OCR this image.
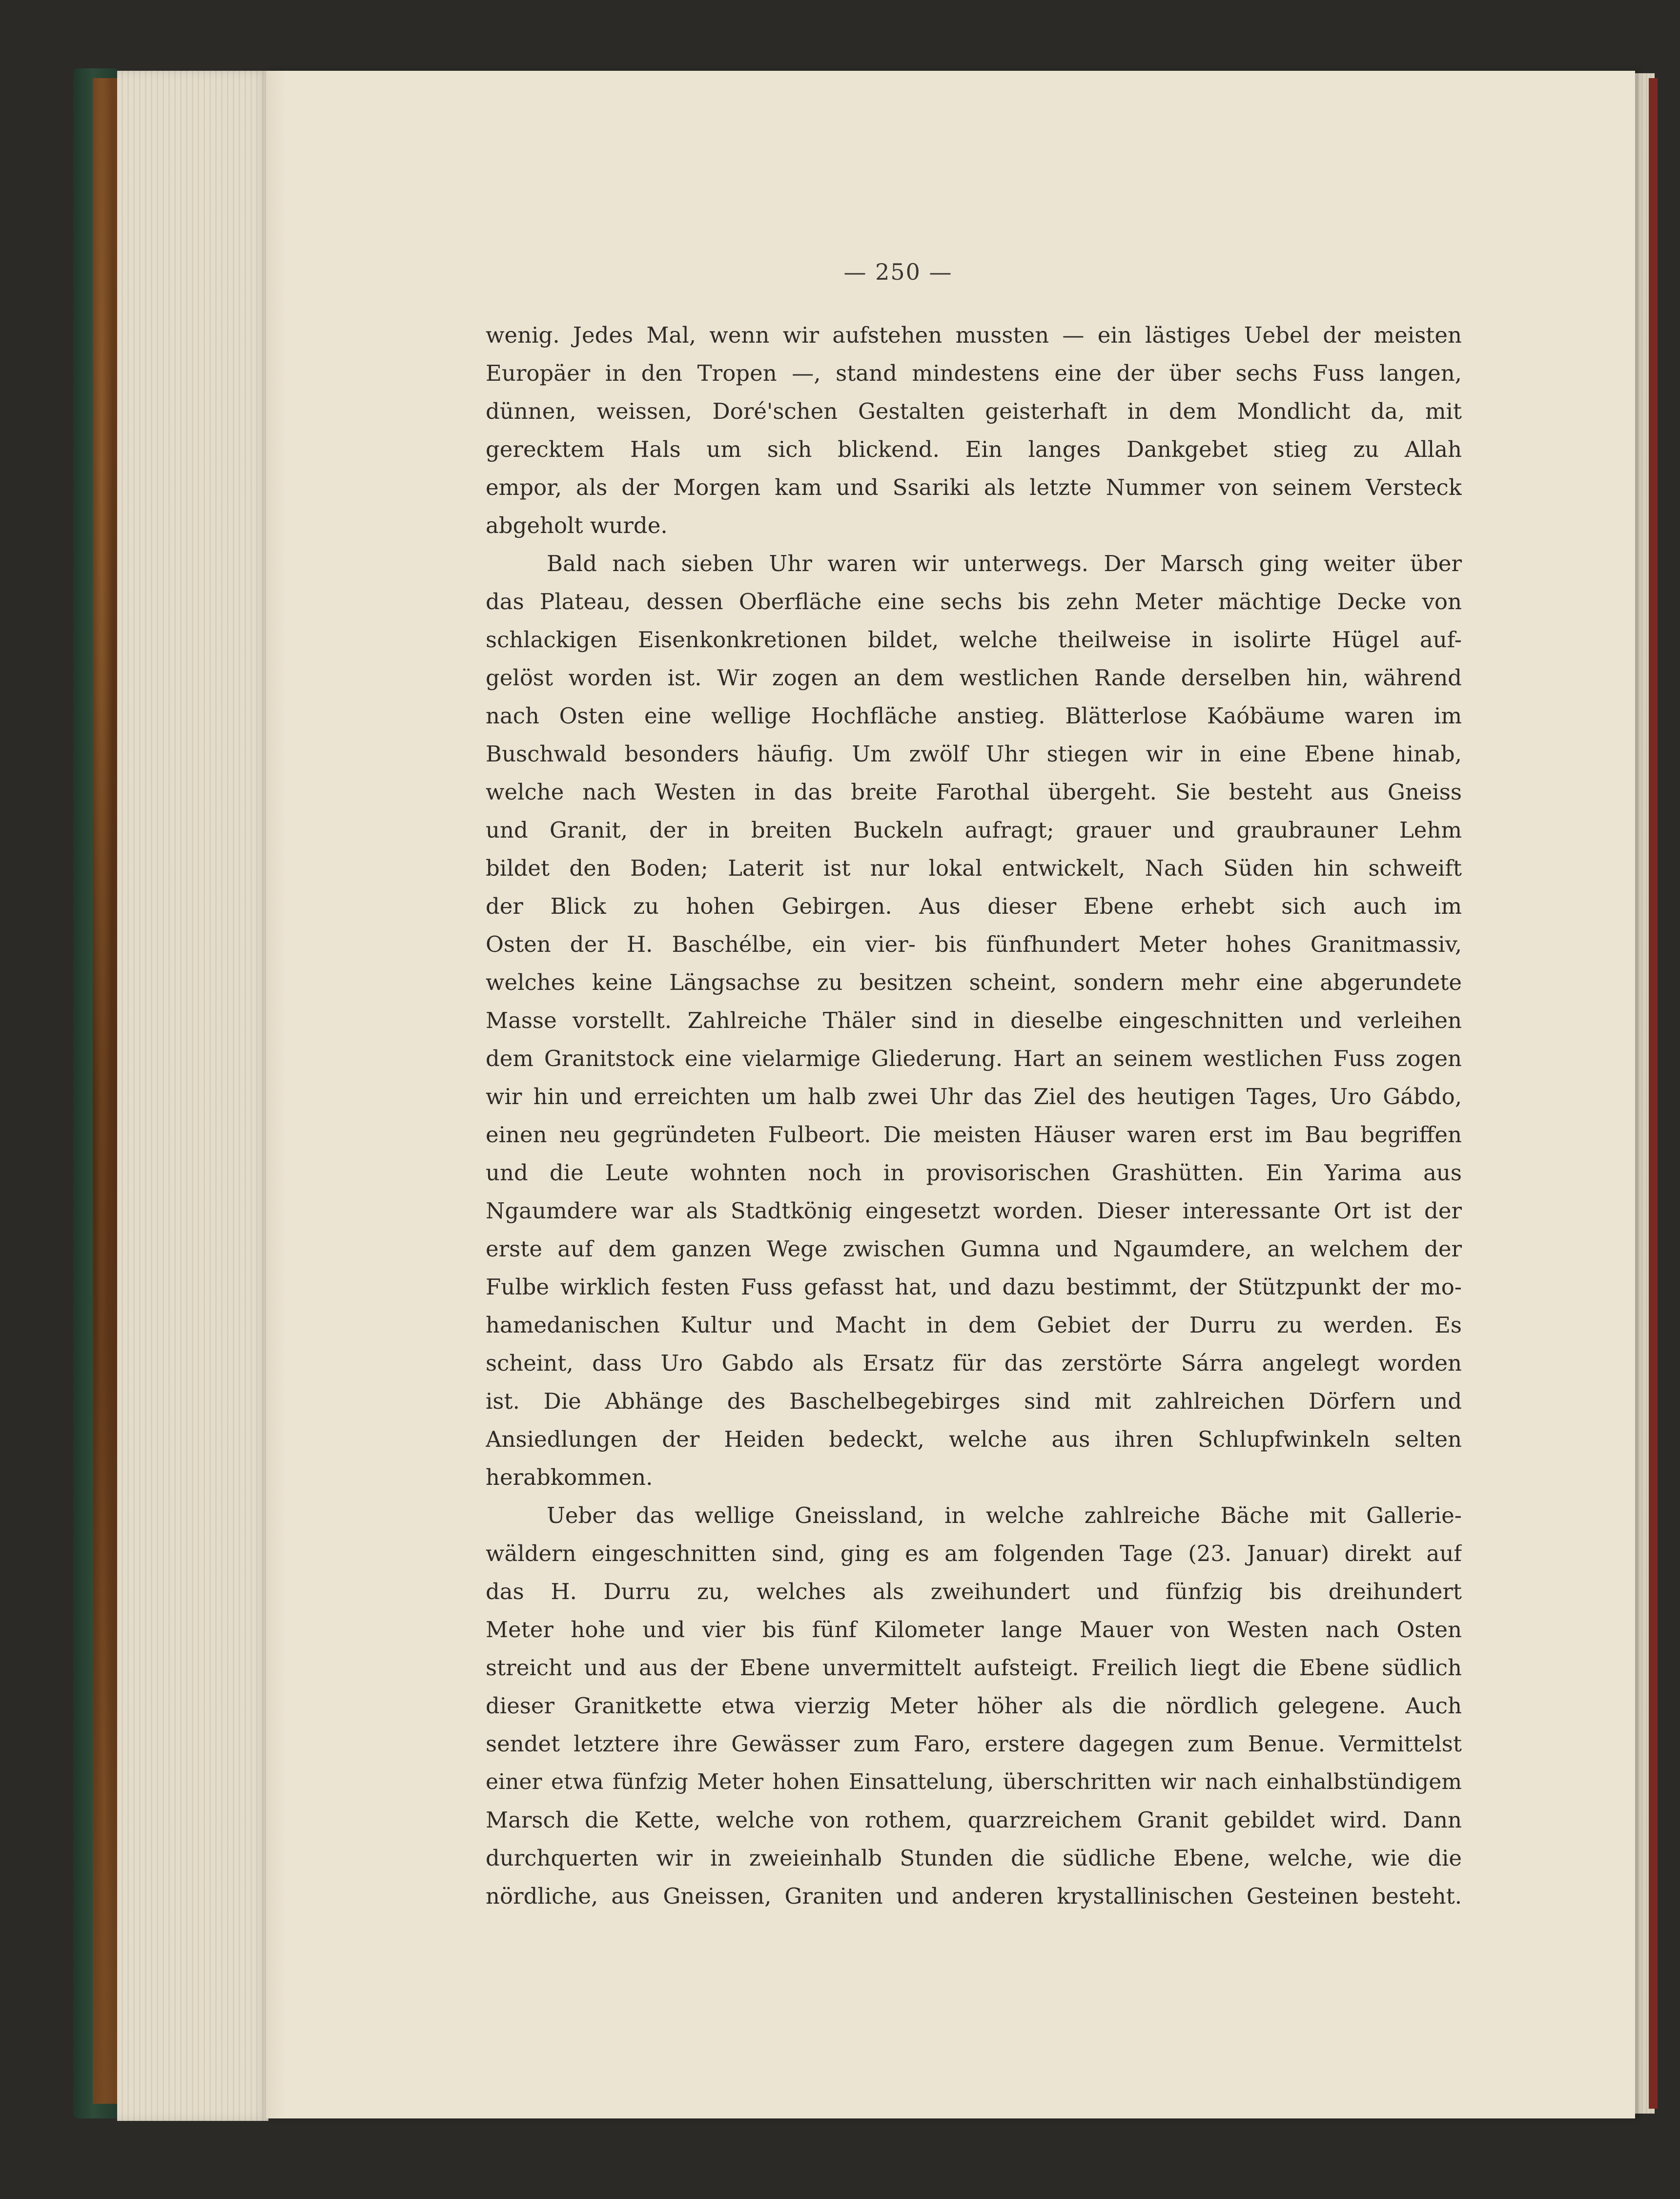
— 250 —
wenig. Jedes Mal, wenn wir aufstehen mussten — ein lästiges Uebel der meisten
Europäer in den Tropen —, stand mindestens eine der über sechs Fuss langen,
dünnen, weissen, Doré'schen Gestalten geisterhaft in dem Mondlicht da, mit
gerecktem Hals um sich blickend. Ein langes Dankgebet stieg zu Allah
empor, als der Morgen kam und Ssariki als letzte Nummer von seinem Versteck
abgeholt wurde.
Bald nach sieben Uhr waren wir unterwegs. Der Marsch ging weiter über
das Plateau, dessen Oberfläche eine sechs bis zehn Meter mächtige Decke von
schlackigen Eisenkonkretionen bildet, welche theilweise in isolirte Hügel auf-
gelöst worden ist. Wir zogen an dem westlichen Rande derselben hin, während
nach Osten eine wellige Hochfläche anstieg. Blätterlose Kaóbäume waren im
Buschwald besonders häufig. Um zwölf Uhr stiegen wir in eine Ebene hinab,
welche nach Westen in das breite Farothal übergeht. Sie besteht aus Gneiss
und Granit, der in breiten Buckeln aufragt; grauer und graubrauner Lehm
bildet den Boden; Laterit ist nur lokal entwickelt, Nach Süden hin schweift
der Blick zu hohen Gebirgen. Aus dieser Ebene erhebt sich auch im
Osten der H. Baschélbe, ein vier- bis fünfhundert Meter hohes Granitmassiv,
welches keine Längsachse zu besitzen scheint, sondern mehr eine abgerundete
Masse vorstellt. Zahlreiche Thäler sind in dieselbe eingeschnitten und verleihen
dem Granitstock eine vielarmige Gliederung. Hart an seinem westlichen Fuss zogen
wir hin und erreichten um halb zwei Uhr das Ziel des heutigen Tages, Uro Gábdo,
einen neu gegründeten Fulbeort. Die meisten Häuser waren erst im Bau begriffen
und die Leute wohnten noch in provisorischen Grashütten. Ein Yarima aus
Ngaumdere war als Stadtkönig eingesetzt worden. Dieser interessante Ort ist der
erste auf dem ganzen Wege zwischen Gumna und Ngaumdere, an welchem der
Fulbe wirklich festen Fuss gefasst hat, und dazu bestimmt, der Stützpunkt der mo-
hamedanischen Kultur und Macht in dem Gebiet der Durru zu werden. Es
scheint, dass Uro Gabdo als Ersatz für das zerstörte Sárra angelegt worden
ist. Die Abhänge des Baschelbegebirges sind mit zahlreichen Dörfern und
Ansiedlungen der Heiden bedeckt, welche aus ihren Schlupfwinkeln selten
herabkommen.
Ueber das wellige Gneissland, in welche zahlreiche Bäche mit Gallerie-
wäldern eingeschnitten sind, ging es am folgenden Tage (23. Januar) direkt auf
das H. Durru zu, welches als zweihundert und fünfzig bis dreihundert
Meter hohe und vier bis fünf Kilometer lange Mauer von Westen nach Osten
streicht und aus der Ebene unvermittelt aufsteigt. Freilich liegt die Ebene südlich
dieser Granitkette etwa vierzig Meter höher als die nördlich gelegene. Auch
sendet letztere ihre Gewässer zum Faro, erstere dagegen zum Benue. Vermittelst
einer etwa fünfzig Meter hohen Einsattelung, überschritten wir nach einhalbstündigem
Marsch die Kette, welche von rothem, quarzreichem Granit gebildet wird. Dann
durchquerten wir in zweieinhalb Stunden die südliche Ebene, welche, wie die
nördliche, aus Gneissen, Graniten und anderen krystallinischen Gesteinen besteht.
